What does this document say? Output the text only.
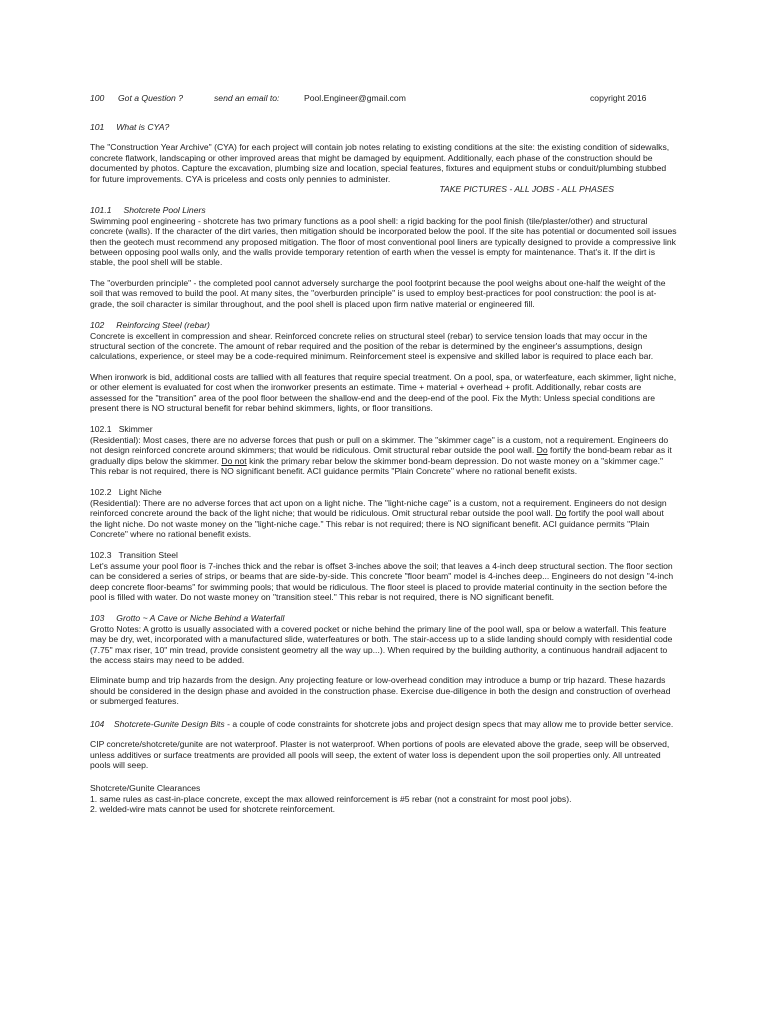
100 Got a Question ?	send an email to:	Pool.Engineer@gmail.com	copyright 2016
101 What is CYA?

The "Construction Year Archive" (CYA) for each project will contain job notes relating to existing conditions at the site: the existing condition of sidewalks, concrete flatwork, landscaping or other improved areas that might be damaged by equipment. Additionally, each phase of the construction should be documented by photos. Capture the excavation, plumbing size and location, special features, fixtures and equipment stubs or conduit/plumbing stubbed for future improvements. CYA is priceless and costs only pennies to administer.

TAKE PICTURES - ALL JOBS - ALL PHASES

101.1 Shotcrete Pool Liners

Swimming pool engineering - shotcrete has two primary functions as a pool shell: a rigid backing for the pool finish (tile/plaster/other) and structural concrete (walls). If the character of the dirt varies, then mitigation should be incorporated below the pool. If the site has potential or documented soil issues then the geotech must recommend any proposed mitigation. The floor of most conventional pool liners are typically designed to provide a compressive link between opposing pool walls only, and the walls provide temporary retention of earth when the vessel is empty for maintenance. That's it. If the dirt is stable, the pool shell will be stable.

The "overburden principle" - the completed pool cannot adversely surcharge the pool footprint because the pool weighs about one-half the weight of the soil that was removed to build the pool. At many sites, the "overburden principle" is used to employ best-practices for pool construction: the pool is at-grade, the soil character is similar throughout, and the pool shell is placed upon firm native material or engineered fill.

102 Reinforcing Steel (rebar)

Concrete is excellent in compression and shear. Reinforced concrete relies on structural steel (rebar) to service tension loads that may occur in the structural section of the concrete. The amount of rebar required and the position of the rebar is determined by the engineer's assumptions, design calculations, experience, or steel may be a code-required minimum. Reinforcement steel is expensive and skilled labor is required to place each bar.

When ironwork is bid, additional costs are tallied with all features that require special treatment. On a pool, spa, or waterfeature, each skimmer, light niche, or other element is evaluated for cost when the ironworker presents an estimate. Time + material + overhead + profit. Additionally, rebar costs are assessed for the "transition" area of the pool floor between the shallow-end and the deep-end of the pool. Fix the Myth: Unless special conditions are present there is NO structural benefit for rebar behind skimmers, lights, or floor transitions.

102.1 Skimmer

(Residential): Most cases, there are no adverse forces that push or pull on a skimmer. The "skimmer cage" is a custom, not a requirement. Engineers do not design reinforced concrete around skimmers; that would be ridiculous. Omit structural rebar outside the pool wall. Do fortify the bond-beam rebar as it gradually dips below the skimmer. Do not kink the primary rebar below the skimmer bond-beam depression. Do not waste money on a "skimmer cage." This rebar is not required, there is NO significant benefit. ACI guidance permits "Plain Concrete" where no rational benefit exists.

102.2 Light Niche

(Residential): There are no adverse forces that act upon on a light niche. The "light-niche cage" is a custom, not a requirement. Engineers do not design reinforced concrete around the back of the light niche; that would be ridiculous. Omit structural rebar outside the pool wall. Do fortify the pool wall about the light niche. Do not waste money on the "light-niche cage." This rebar is not required; there is NO significant benefit. ACI guidance permits "Plain Concrete" where no rational benefit exists.

102.3 Transition Steel

Let's assume your pool floor is 7-inches thick and the rebar is offset 3-inches above the soil; that leaves a 4-inch deep structural section. The floor section can be considered a series of strips, or beams that are side-by-side. This concrete "floor beam" model is 4-inches deep... Engineers do not design "4-inch deep concrete floor-beams" for swimming pools; that would be ridiculous. The floor steel is placed to provide material continuity in the section before the pool is filled with water. Do not waste money on "transition steel." This rebar is not required, there is NO significant benefit.

103 Grotto ~ A Cave or Niche Behind a Waterfall

Grotto Notes: A grotto is usually associated with a covered pocket or niche behind the primary line of the pool wall, spa or below a waterfall. This feature may be dry, wet, incorporated with a manufactured slide, waterfeatures or both. The stair-access up to a slide landing should comply with residential code (7.75" max riser, 10" min tread, provide consistent geometry all the way up...). When required by the building authority, a continuous handrail adjacent to the access stairs may need to be added.

Eliminate bump and trip hazards from the design. Any projecting feature or low-overhead condition may introduce a bump or trip hazard. These hazards should be considered in the design phase and avoided in the construction phase. Exercise due-diligence in both the design and construction of overhead or submerged features.

104 Shotcrete-Gunite Design Bits - a couple of code constraints for shotcrete jobs and project design specs that may allow me to provide better service.

CIP concrete/shotcrete/gunite are not waterproof. Plaster is not waterproof. When portions of pools are elevated above the grade, seep will be observed, unless additives or surface treatments are provided all pools will seep, the extent of water loss is dependent upon the soil properties only. All untreated pools will seep.

Shotcrete/Gunite Clearances

1. same rules as cast-in-place concrete, except the max allowed reinforcement is #5 rebar (not a constraint for most pool jobs).

2. welded-wire mats cannot be used for shotcrete reinforcement.
